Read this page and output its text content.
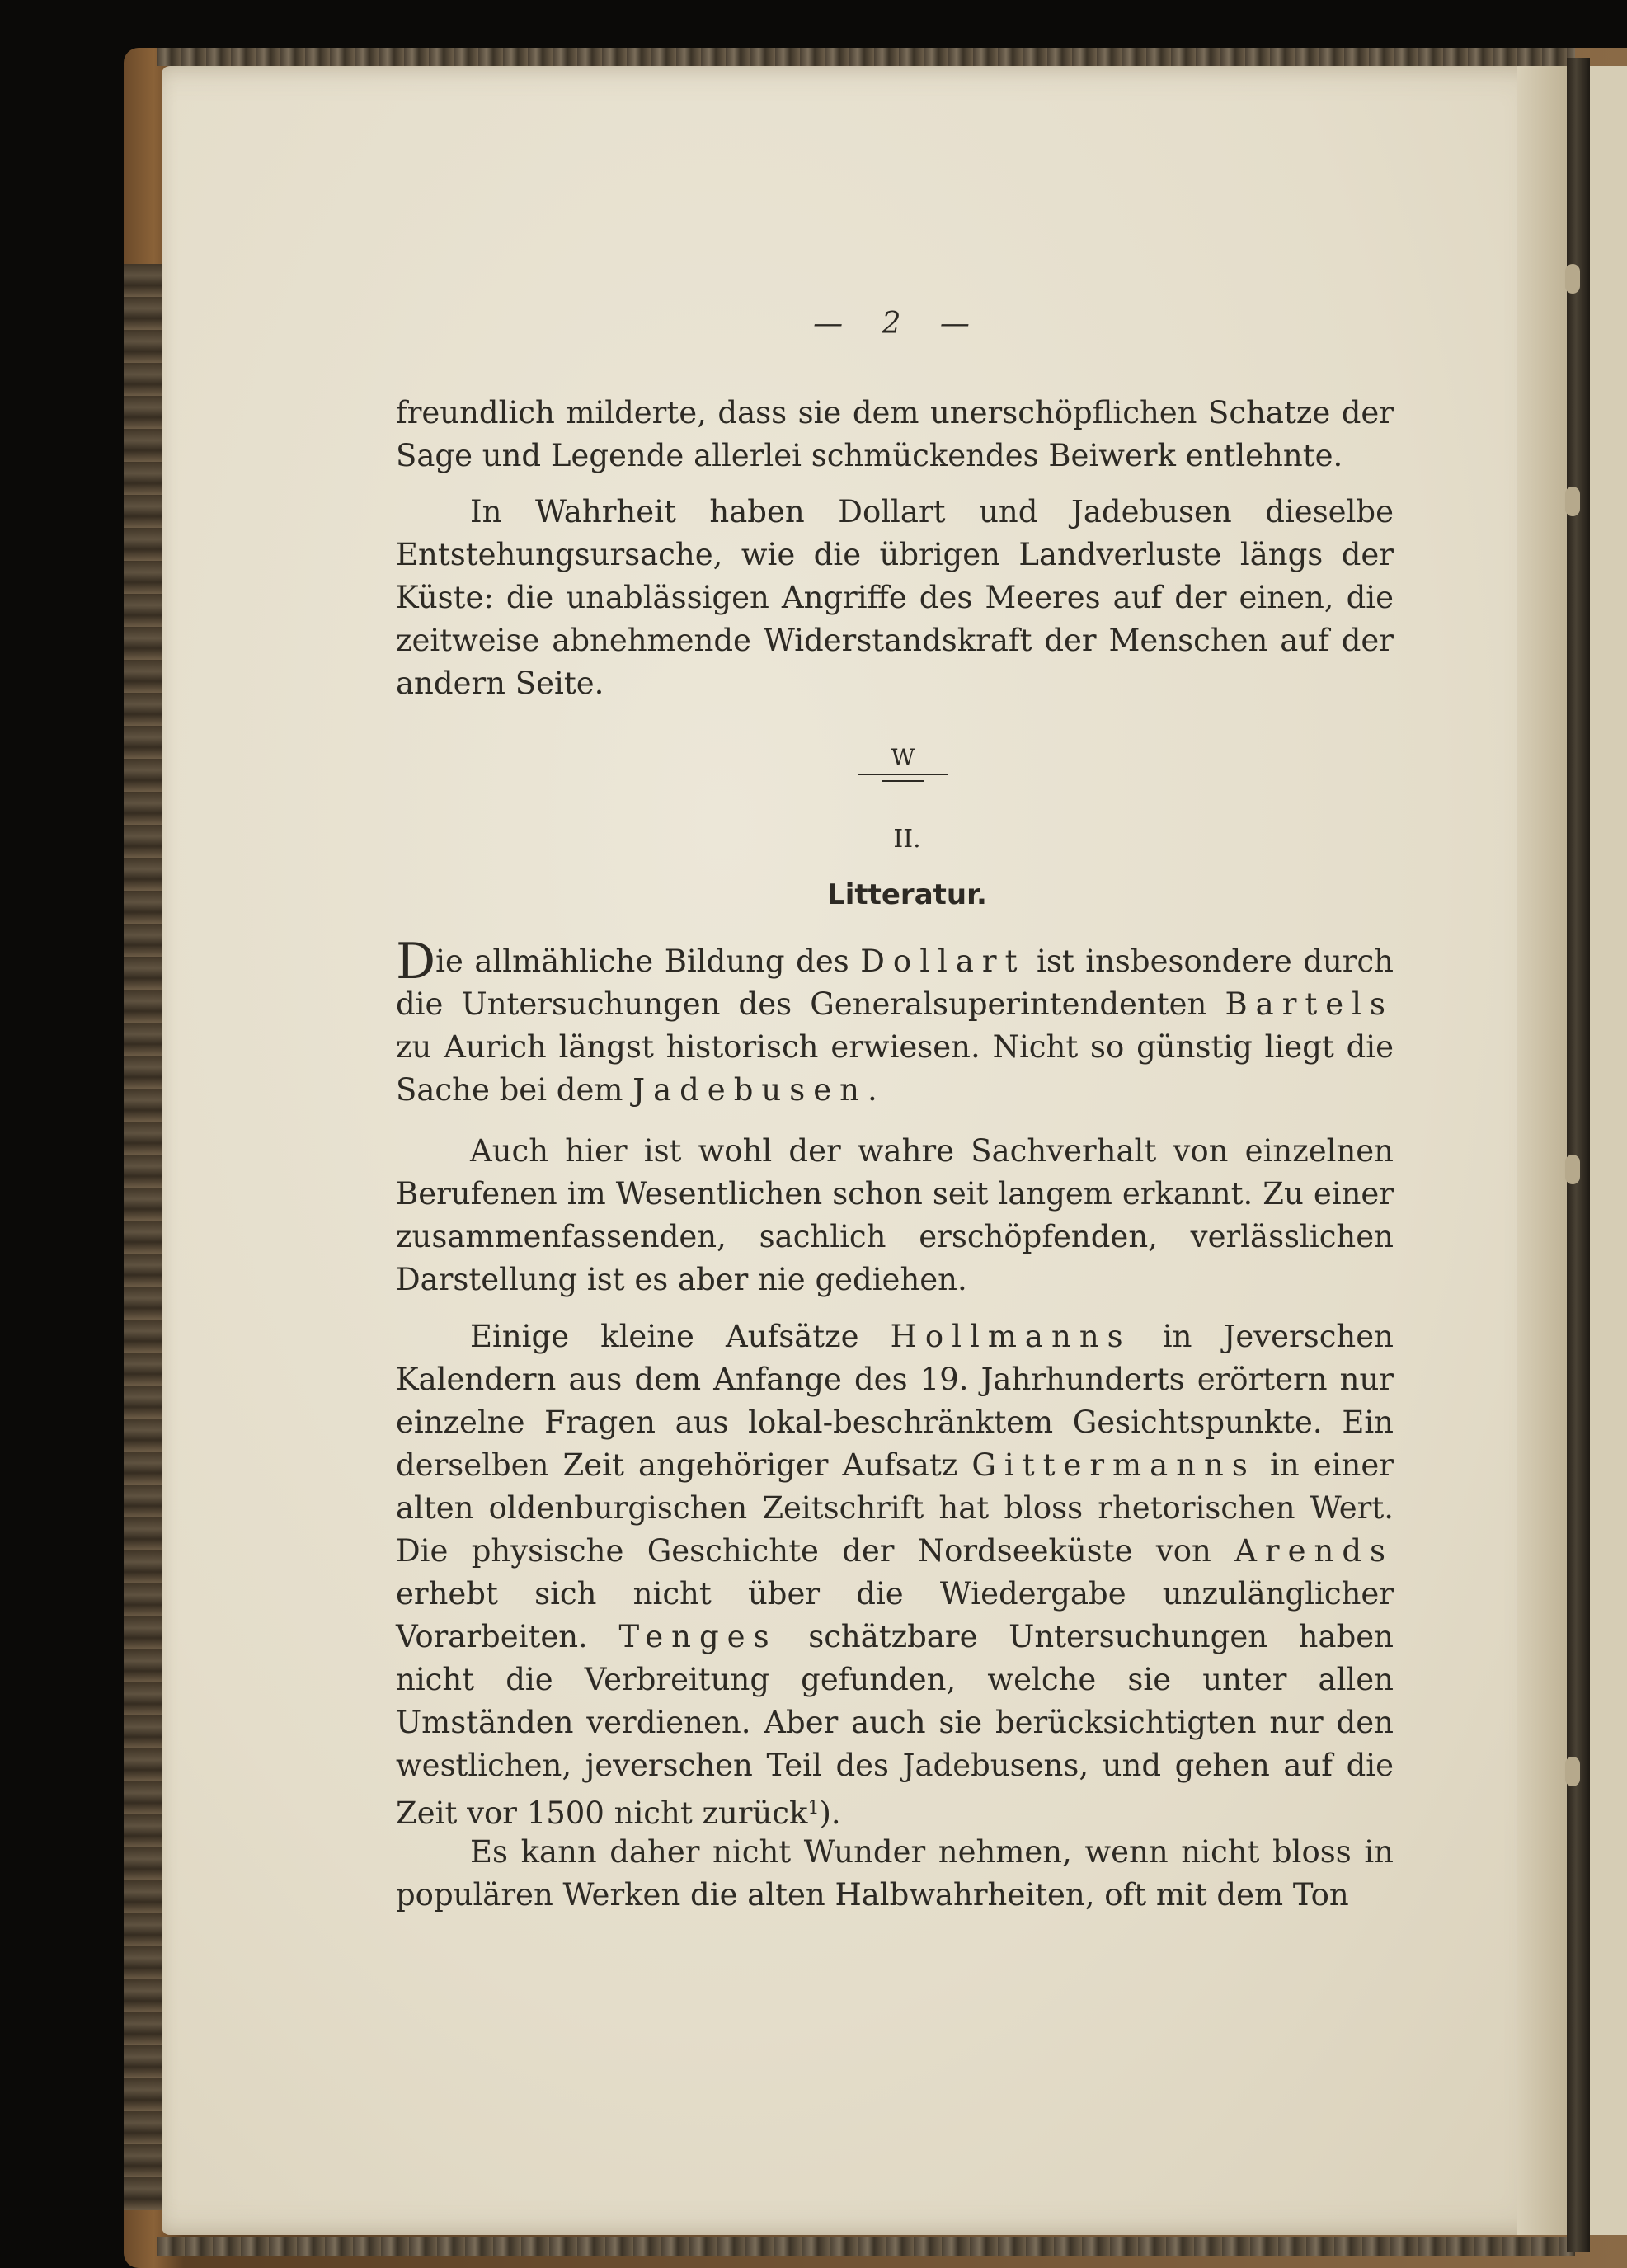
— 2 —

freundlich milderte, dass sie dem unerschöpflichen Schatze der Sage und Legende allerlei schmückendes Beiwerk entlehnte.

In Wahrheit haben Dollart und Jadebusen dieselbe Entstehungsursache, wie die übrigen Landverluste längs der Küste: die unablässigen Angriffe des Meeres auf der einen, die zeitweise abnehmende Widerstandskraft der Menschen auf der andern Seite.

W
II.
Litteratur.

Die allmähliche Bildung des Dollart ist insbesondere durch die Untersuchungen des Generalsuperintendenten Bartels zu Aurich längst historisch erwiesen. Nicht so günstig liegt die Sache bei dem Jadebusen.

Auch hier ist wohl der wahre Sachverhalt von einzelnen Berufenen im Wesentlichen schon seit langem erkannt. Zu einer zusammenfassenden, sachlich erschöpfenden, verlässlichen Darstellung ist es aber nie gediehen.

Einige kleine Aufsätze Hollmanns in Jeverschen Kalendern aus dem Anfange des 19. Jahrhunderts erörtern nur einzelne Fragen aus lokal-beschränktem Gesichtspunkte. Ein derselben Zeit angehöriger Aufsatz Gittermanns in einer alten oldenburgischen Zeitschrift hat bloss rhetorischen Wert. Die physische Geschichte der Nordseeküste von Arends erhebt sich nicht über die Wiedergabe unzulänglicher Vorarbeiten. Tenges schätzbare Untersuchungen haben nicht die Verbreitung gefunden, welche sie unter allen Umständen verdienen. Aber auch sie berücksichtigten nur den westlichen, jeverschen Teil des Jadebusens, und gehen auf die Zeit vor 1500 nicht zurück$^1$).

Es kann daher nicht Wunder nehmen, wenn nicht bloss in populären Werken die alten Halbwahrheiten, oft mit dem Ton
